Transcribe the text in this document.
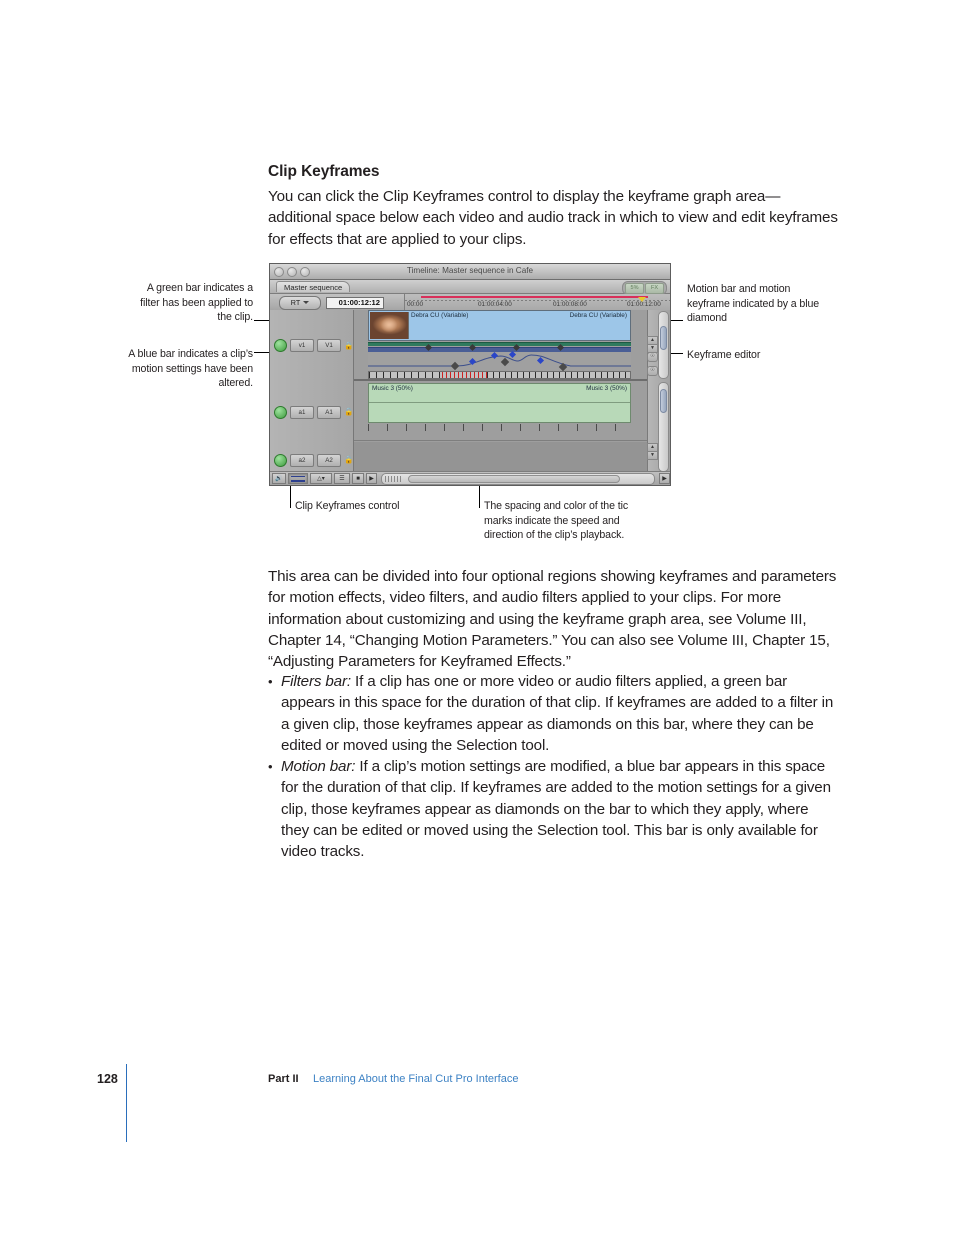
Clip Keyframes

You can click the Clip Keyframes control to display the keyframe graph area—additional space below each video and audio track in which to view and edit keyframes for effects that are applied to your clips.

A green bar indicates a filter has been applied to the clip.
A blue bar indicates a clip’s motion settings have been altered.
Motion bar and motion keyframe indicated by a blue diamond
Keyframe editor
Clip Keyframes control	The spacing and color of the tic marks indicate the speed and direction of the clip’s playback.
Timeline: Master sequence in Cafe
Master sequence	5%	FX
RT	01:00:12:12	00:00	01:00:04:00	01:00:08:00	01:00:12:00
v1	V1	🔒
a1	A1	🔒
a2	A2	🔒
Debra CU (Variable)	Debra CU (Variable)
Music 3 (50%)	Music 3 (50%)
▲
▼
☉
☉
▲
▼
🔊	△▾	☰	■	▶	▶

This area can be divided into four optional regions showing keyframes and parameters for motion effects, video filters, and audio filters applied to your clips. For more information about customizing and using the keyframe graph area, see Volume III, Chapter 14, “Changing Motion Parameters.” You can also see Volume III, Chapter 15, “Adjusting Parameters for Keyframed Effects.”

• Filters bar: If a clip has one or more video or audio filters applied, a green bar appears in this space for the duration of that clip. If keyframes are added to a filter in a given clip, those keyframes appear as diamonds on this bar, where they can be edited or moved using the Selection tool.
• Motion bar: If a clip’s motion settings are modified, a blue bar appears in this space for the duration of that clip. If keyframes are added to the motion settings for a given clip, those keyframes appear as diamonds on the bar to which they apply, where they can be edited or moved using the Selection tool. This bar is only available for video tracks.
128	Part II Learning About the Final Cut Pro Interface
